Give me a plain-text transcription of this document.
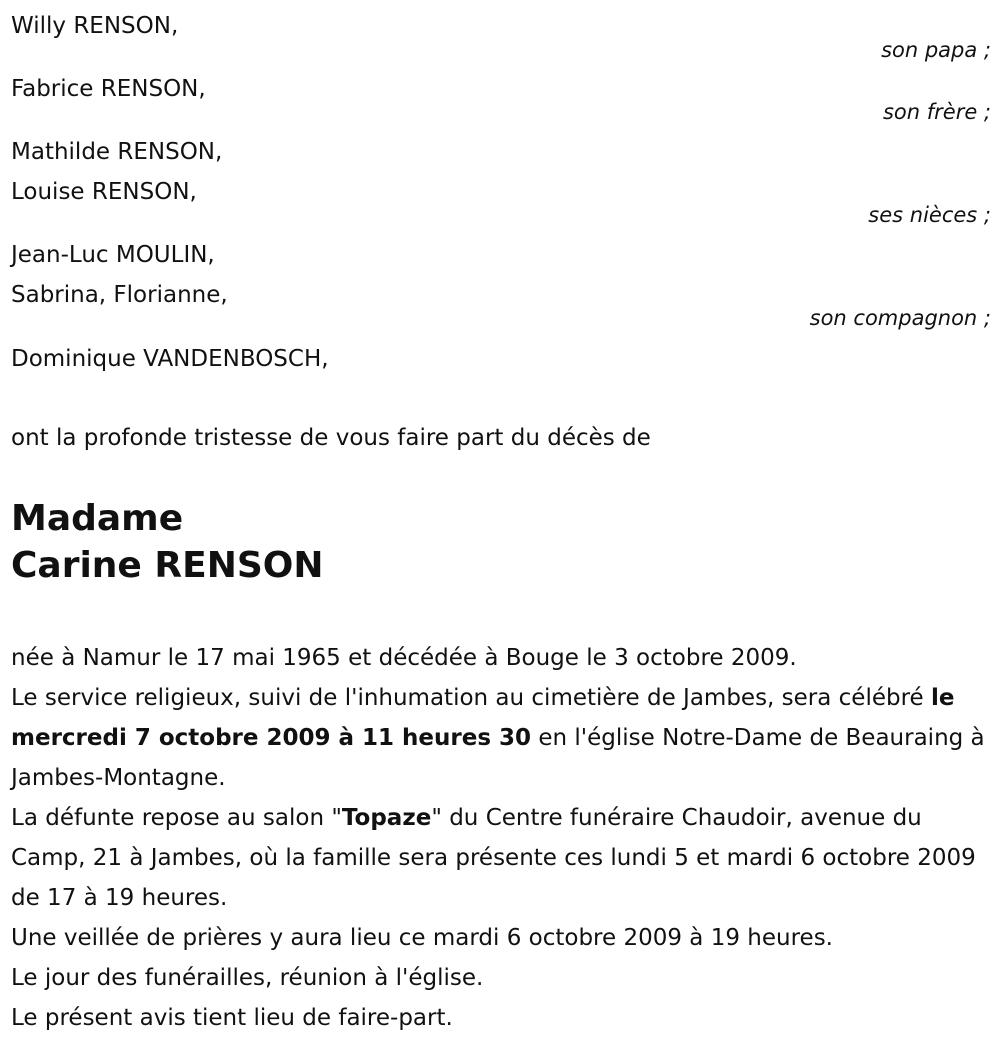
Willy RENSON,
son papa ;
Fabrice RENSON,
son frère ;
Mathilde RENSON,
Louise RENSON,
ses nièces ;
Jean-Luc MOULIN,
Sabrina, Florianne,
son compagnon ;
Dominique VANDENBOSCH,
ont la profonde tristesse de vous faire part du décès de
Madame
Carine RENSON

née à Namur le 17 mai 1965 et décédée à Bouge le 3 octobre 2009.

Le service religieux, suivi de l'inhumation au cimetière de Jambes, sera célébré le mercredi 7 octobre 2009 à 11 heures 30 en l'église Notre-Dame de Beauraing à Jambes-Montagne.

La défunte repose au salon "Topaze" du Centre funéraire Chaudoir, avenue du Camp, 21 à Jambes, où la famille sera présente ces lundi 5 et mardi 6 octobre 2009 de 17 à 19 heures.

Une veillée de prières y aura lieu ce mardi 6 octobre 2009 à 19 heures.

Le jour des funérailles, réunion à l'église.

Le présent avis tient lieu de faire-part.
